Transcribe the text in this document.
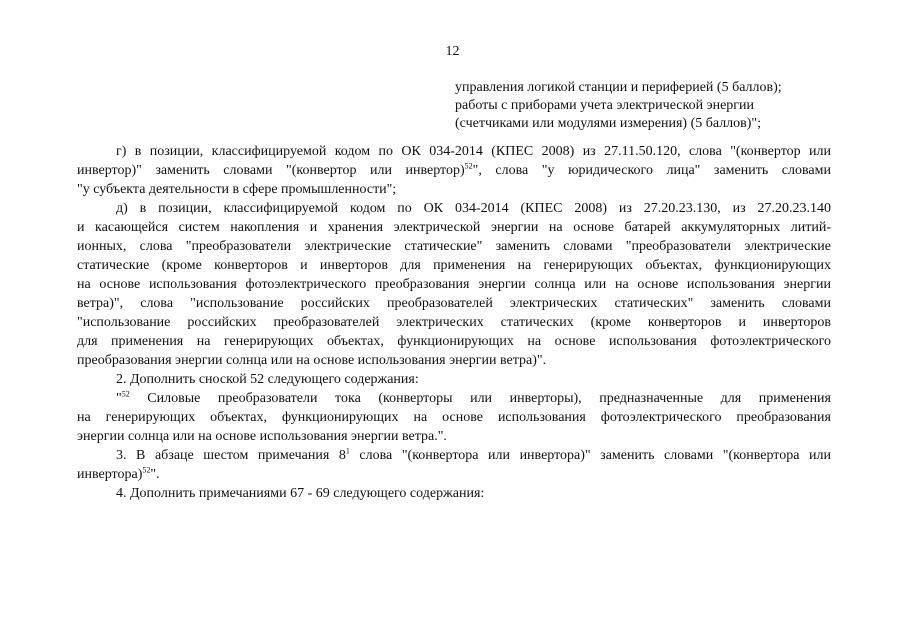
12
управления логикой станции и периферией (5 баллов);
работы с приборами учета электрической энергии
(счетчиками или модулями измерения) (5 баллов)";
г) в позиции, классифицируемой кодом по ОК 034-2014 (КПЕС 2008) из 27.11.50.120, слова "(конвертор или
инвертор)" заменить словами "(конвертор или инвертор)$^{52}$", слова "у юридического лица" заменить словами
"у субъекта деятельности в сфере промышленности";
д) в позиции, классифицируемой кодом по ОК 034-2014 (КПЕС 2008) из 27.20.23.130, из 27.20.23.140
и касающейся систем накопления и хранения электрической энергии на основе батарей аккумуляторных литий-
ионных, слова "преобразователи электрические статические" заменить словами "преобразователи электрические
статические (кроме конверторов и инверторов для применения на генерирующих объектах, функционирующих
на основе использования фотоэлектрического преобразования энергии солнца или на основе использования энергии
ветра)", слова "использование российских преобразователей электрических статических" заменить словами
"использование российских преобразователей электрических статических (кроме конверторов и инверторов
для применения на генерирующих объектах, функционирующих на основе использования фотоэлектрического
преобразования энергии солнца или на основе использования энергии ветра)".
2. Дополнить сноской 52 следующего содержания:
"$^{52}$ Силовые преобразователи тока (конверторы или инверторы), предназначенные для применения
на генерирующих объектах, функционирующих на основе использования фотоэлектрического преобразования
энергии солнца или на основе использования энергии ветра.".
3. В абзаце шестом примечания $8^1$ слова "(конвертора или инвертора)" заменить словами "(конвертора или
инвертора)$^{52}$".
4. Дополнить примечаниями 67 - 69 следующего содержания:
